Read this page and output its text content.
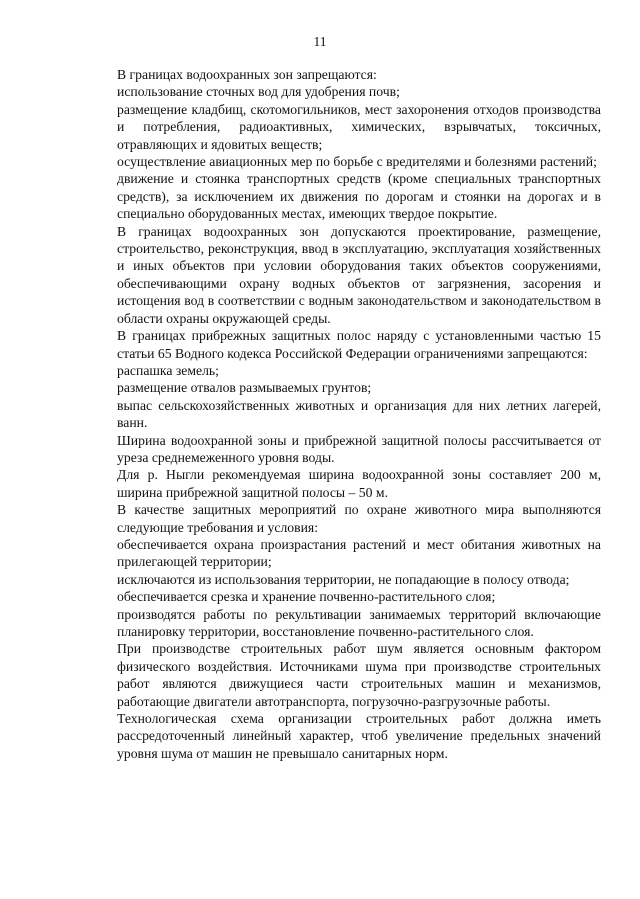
11

В границах водоохранных зон запрещаются:

использование сточных вод для удобрения почв;

размещение кладбищ, скотомогильников, мест захоронения отходов производства и потребления, радиоактивных, химических, взрывчатых, токсичных, отравляющих и ядовитых веществ;

осуществление авиационных мер по борьбе с вредителями и болезнями растений;

движение и стоянка транспортных средств (кроме специальных транспортных средств), за исключением их движения по дорогам и стоянки на дорогах и в специально оборудованных местах, имеющих твердое покрытие.

В границах водоохранных зон допускаются проектирование, размещение, строительство, реконструкция, ввод в эксплуатацию, эксплуатация хозяйственных и иных объектов при условии оборудования таких объектов сооружениями, обеспечивающими охрану водных объектов от загрязнения, засорения и истощения вод в соответствии с водным законодательством и законодательством в области охраны окружающей среды.

В границах прибрежных защитных полос наряду с установленными частью 15 статьи 65 Водного кодекса Российской Федерации ограничениями запрещаются:

распашка земель;

размещение отвалов размываемых грунтов;

выпас сельскохозяйственных животных и организация для них летних лагерей, ванн.

Ширина водоохранной зоны и прибрежной защитной полосы рассчитывается от уреза среднемеженного уровня воды.

Для р. Ныгли рекомендуемая ширина водоохранной зоны составляет 200 м, ширина прибрежной защитной полосы – 50 м.

В качестве защитных мероприятий по охране животного мира выполняются следующие требования и условия:

обеспечивается охрана произрастания растений и мест обитания животных на прилегающей территории;

исключаются из использования территории, не попадающие в полосу отвода;

обеспечивается срезка и хранение почвенно-растительного слоя;

производятся работы по рекультивации занимаемых территорий включающие планировку территории, восстановление почвенно-растительного слоя.

При производстве строительных работ шум является основным фактором физического воздействия. Источниками шума при производстве строительных работ являются движущиеся части строительных машин и механизмов, работающие двигатели автотранспорта, погрузочно-разгрузочные работы.

Технологическая схема организации строительных работ должна иметь рассредоточенный линейный характер, чтоб увеличение предельных значений уровня шума от машин не превышало санитарных норм.
